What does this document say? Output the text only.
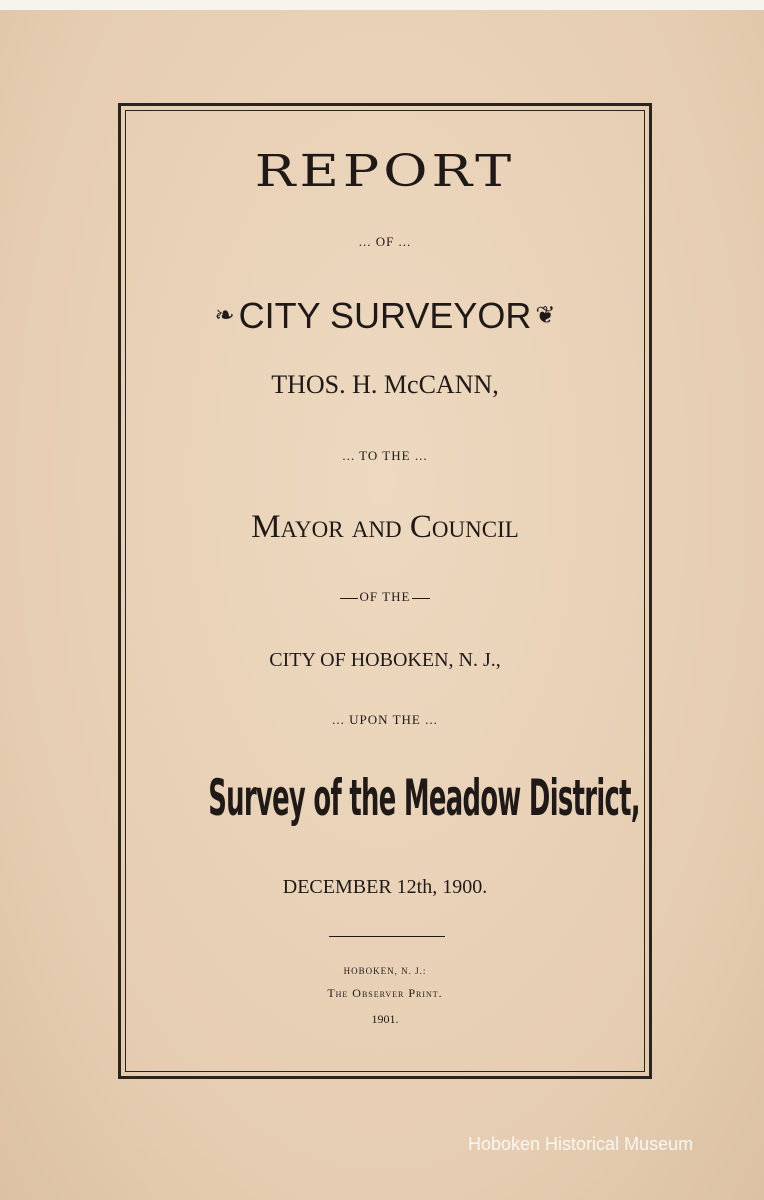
REPORT
... OF ...
❧ CITY SURVEYOR ❦
THOS. H. McCANN,
... TO THE ...
Mayor and Council
OF THE
CITY OF HOBOKEN, N. J.,
... UPON THE ...
Survey of the Meadow District,
DECEMBER 12th, 1900.
HOBOKEN, N. J.:
The Observer Print.
1901.
Hoboken Historical Museum
